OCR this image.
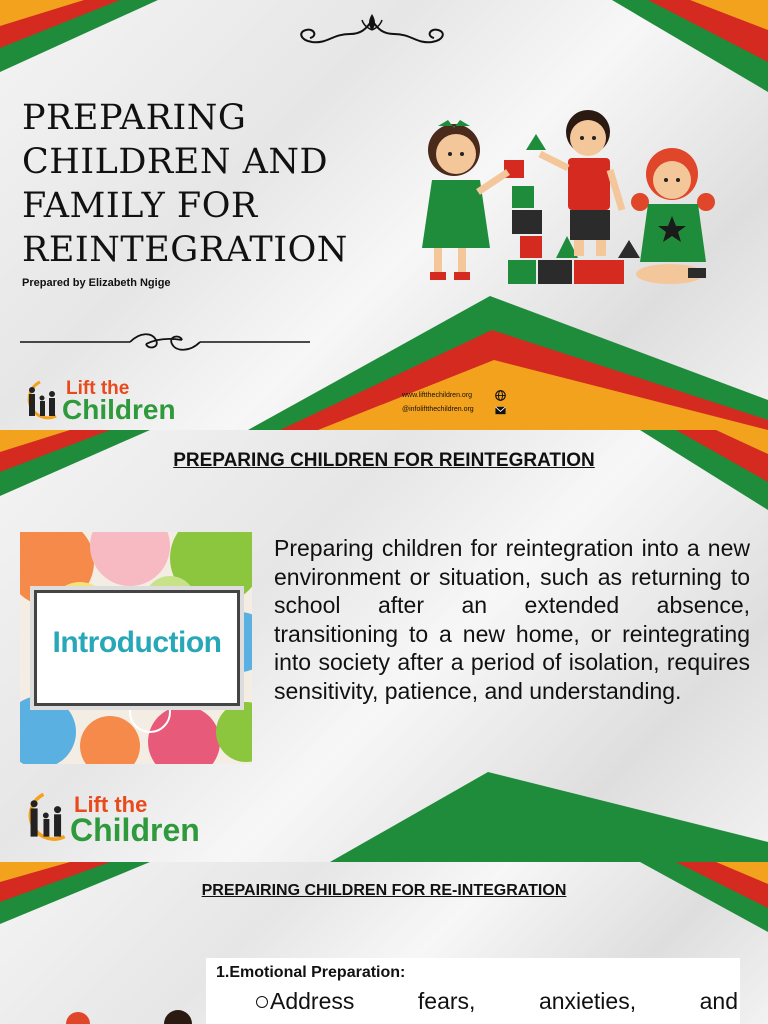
PREPARING
CHILDREN AND
FAMILY FOR
REINTEGRATION
Prepared by Elizabeth Ngige
Lift the
Children	www.liftthechildren.org
@infoliftthechildren.org
PREPARING CHILDREN FOR REINTEGRATION
Introduction

Preparing children for reintegration into a new environment or situation, such as returning to school after an extended absence, transitioning to a new home, or reintegrating into society after a period of isolation, requires sensitivity, patience, and understanding.

Lift the
Children
PREPAIRING CHILDREN FOR RE-INTEGRATION
1.Emotional Preparation:
Address	fears,	anxieties,	and
